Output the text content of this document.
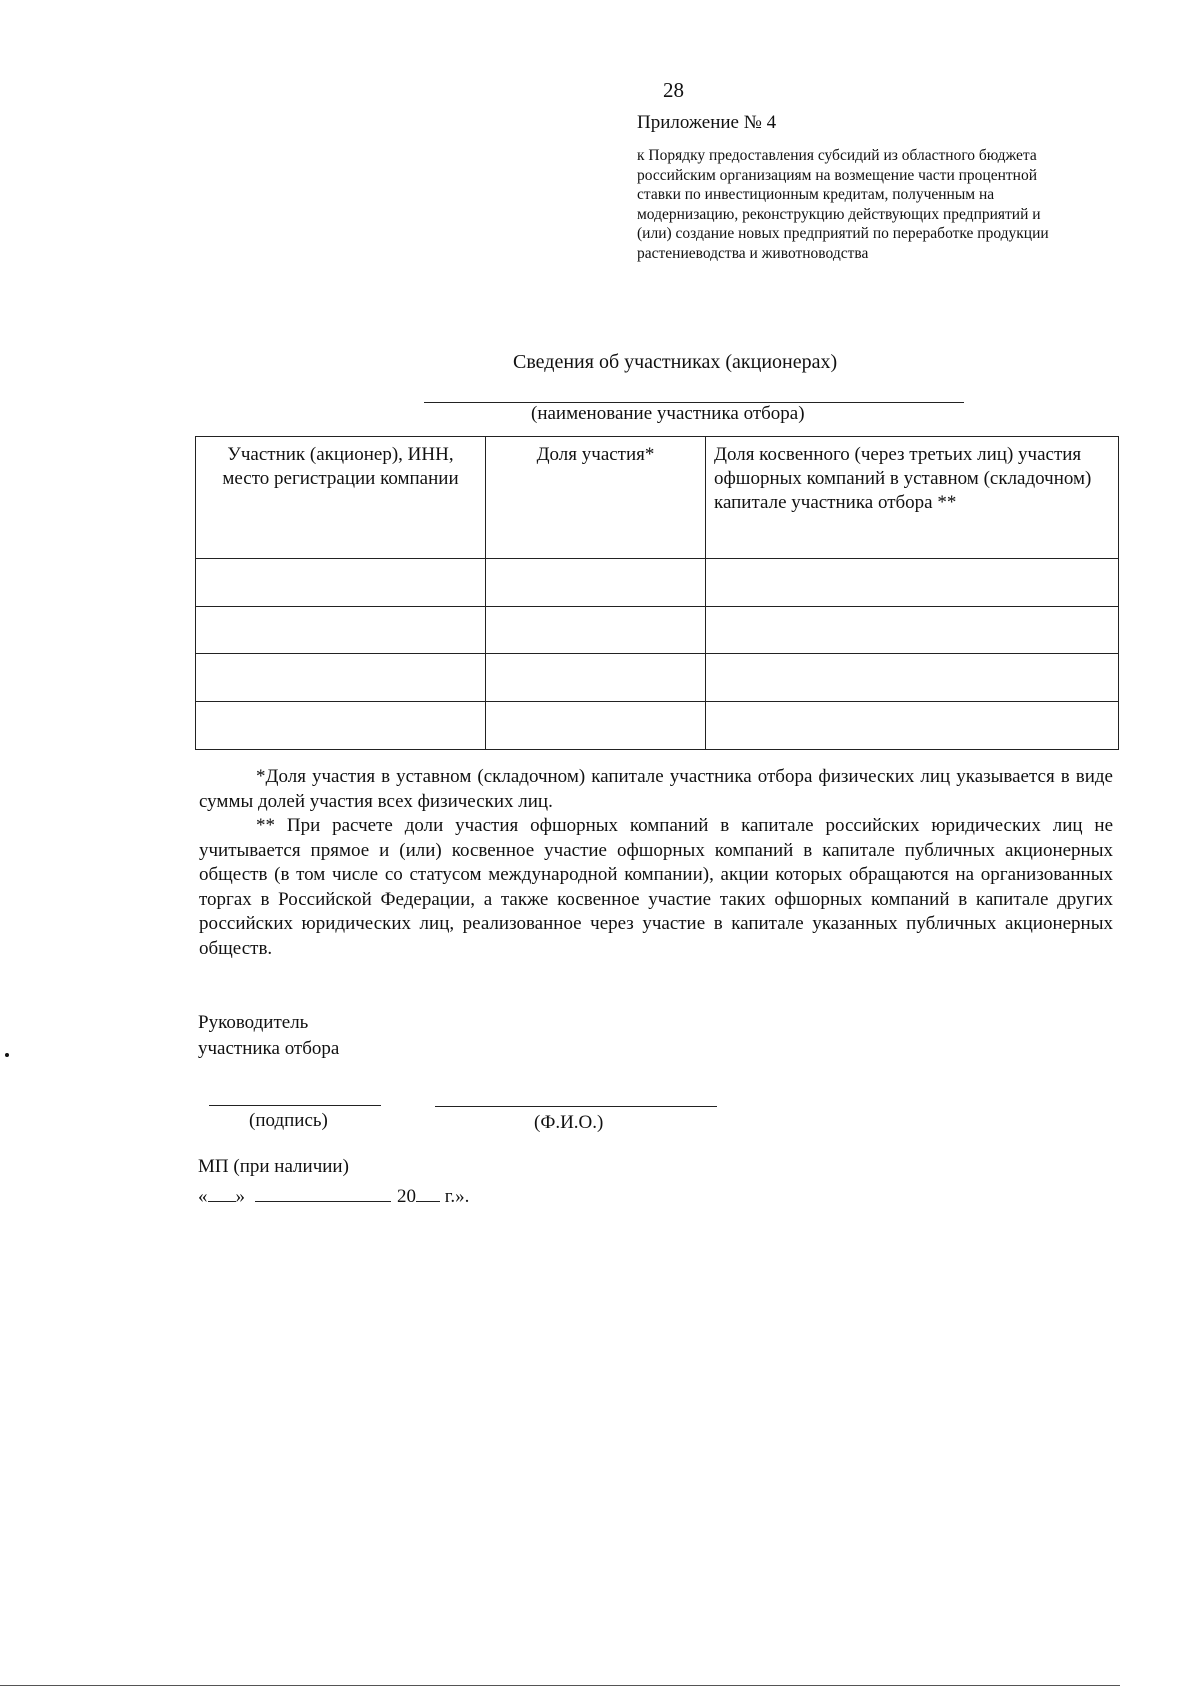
28
Приложение № 4
к Порядку предоставления субсидий из областного бюджета
российским организациям на возмещение части процентной
ставки по инвестиционным кредитам, полученным на
модернизацию, реконструкцию действующих предприятий и
(или) создание новых предприятий по переработке продукции
растениеводства и животноводства
Сведения об участниках (акционерах)
(наименование участника отбора)
Участник (акционер), ИНН, место регистрации компании	Доля участия*	Доля косвенного (через третьих лиц) участия офшорных компаний в уставном (складочном) капитале участника отбора **

*Доля участия в уставном (складочном) капитале участника отбора физических лиц указывается в виде суммы долей участия всех физических лиц.

** При расчете доли участия офшорных компаний в капитале российских юридических лиц не учитывается прямое и (или) косвенное участие офшорных компаний в капитале публичных акционерных обществ (в том числе со статусом международной компании), акции которых обращаются на организованных торгах в Российской Федерации, а также косвенное участие таких офшорных компаний в капитале других российских юридических лиц, реализованное через участие в капитале указанных публичных акционерных обществ.

Руководитель
участника отбора
(подпись)	(Ф.И.О.)
МП (при наличии)
« »	20 г.».
